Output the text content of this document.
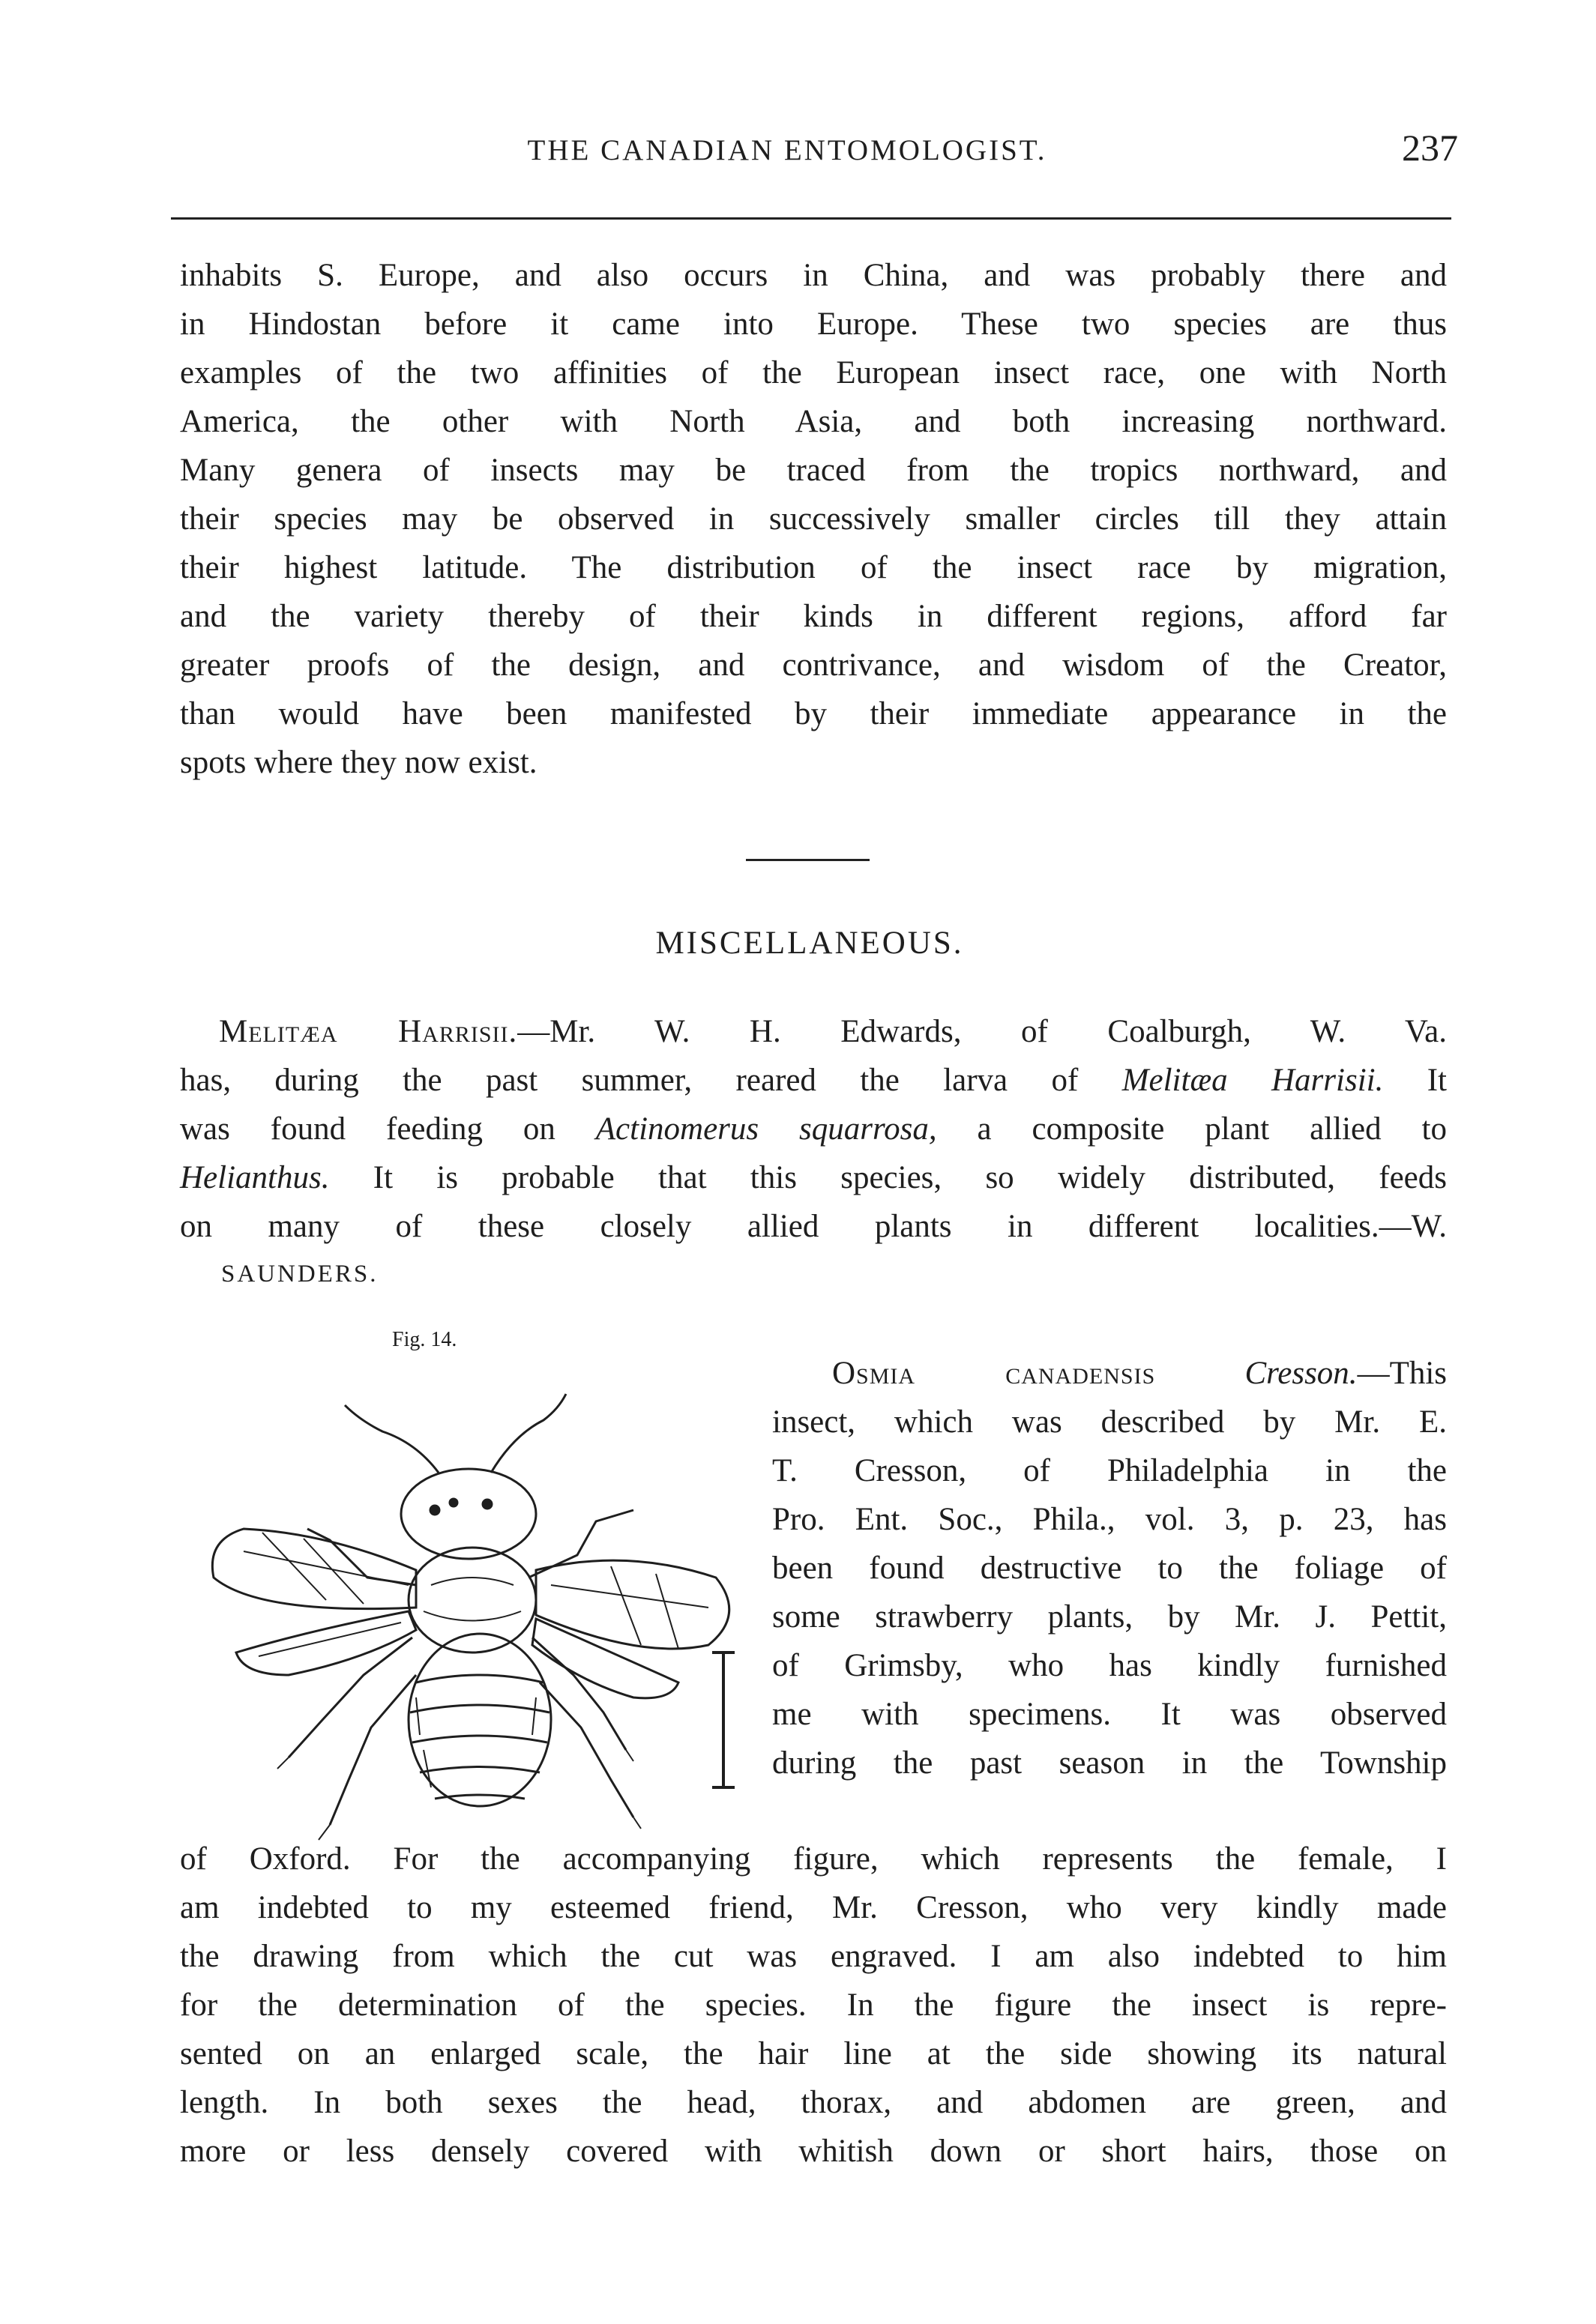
THE CANADIAN ENTOMOLOGIST.	237
inhabits S. Europe, and also occurs in China, and was probably there and
in Hindostan before it came into Europe. These two species are thus
examples of the two affinities of the European insect race, one with North
America, the other with North Asia, and both increasing northward.
Many genera of insects may be traced from the tropics northward, and
their species may be observed in successively smaller circles till they attain
their highest latitude. The distribution of the insect race by migration,
and the variety thereby of their kinds in different regions, afford far
greater proofs of the design, and contrivance, and wisdom of the Creator,
than would have been manifested by their immediate appearance in the
spots where they now exist.
MISCELLANEOUS.
Melitæa Harrisii.—Mr. W. H. Edwards, of Coalburgh, W. Va.
has, during the past summer, reared the larva of Melitæa Harrisii. It
was found feeding on Actinomerus squarrosa, a composite plant allied to
Helianthus. It is probable that this species, so widely distributed, feeds
on many of these closely allied plants in different localities.—W.
SAUNDERS.
Fig. 14.
Osmia canadensis	Cresson.—This
insect, which was described by Mr. E.
T. Cresson, of Philadelphia in the
Pro. Ent. Soc., Phila., vol. 3, p. 23, has
been found destructive to the foliage of
some strawberry plants, by Mr. J. Pettit,
of Grimsby, who has kindly furnished
me with specimens. It was observed
during the past season in the Township
of Oxford. For the accompanying figure, which represents the female, I
am indebted to my esteemed friend, Mr. Cresson, who very kindly made
the drawing from which the cut was engraved. I am also indebted to him
for the determination of the species. In the figure the insect is repre-
sented on an enlarged scale, the hair line at the side showing its natural
length. In both sexes the head, thorax, and abdomen are green, and
more or less densely covered with whitish down or short hairs, those on
